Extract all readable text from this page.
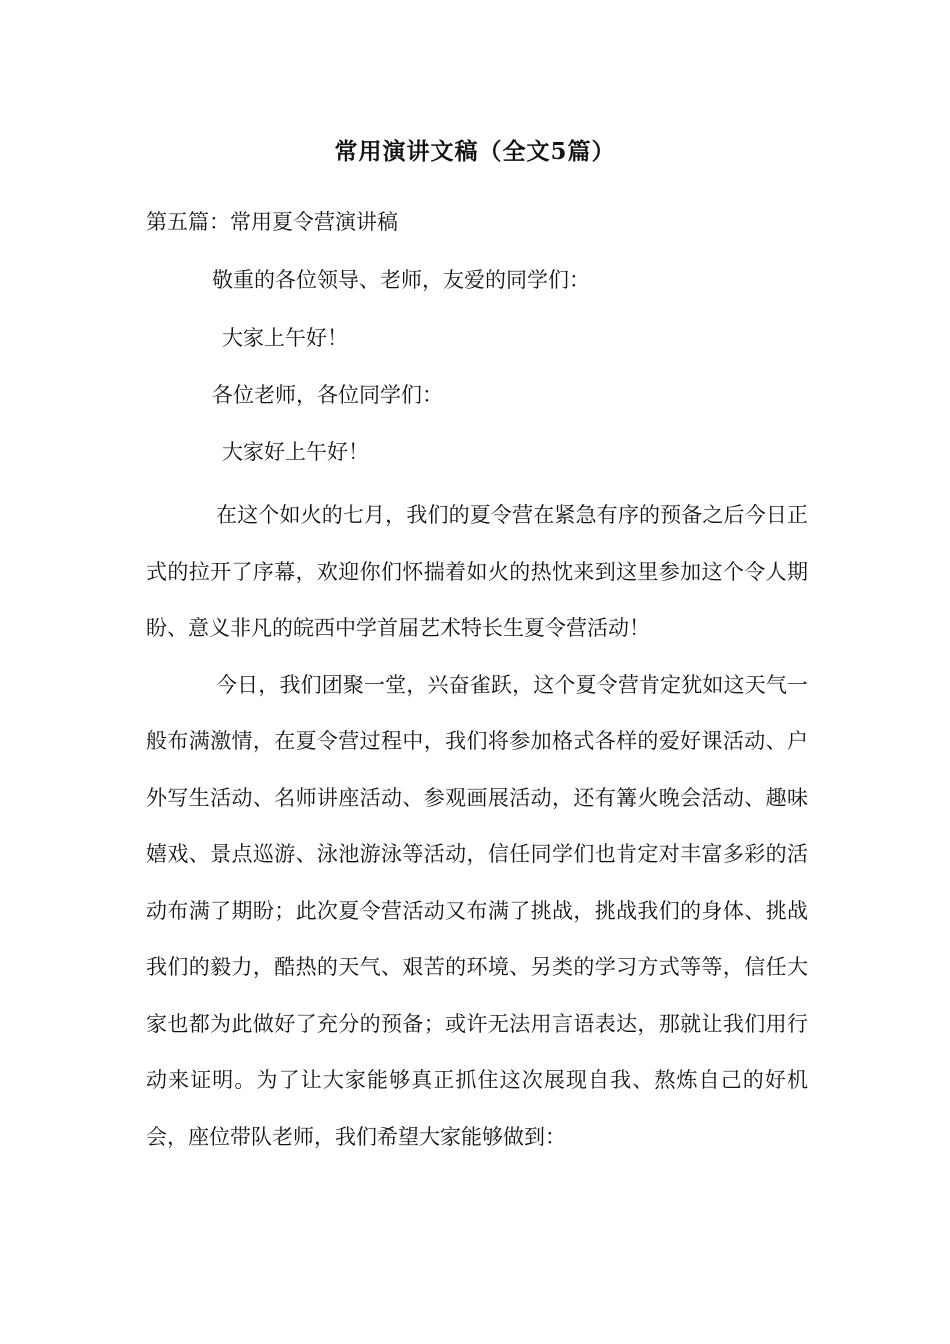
常用演讲文稿（全文5篇）
第五篇：常用夏令营演讲稿
敬重的各位领导、老师，友爱的同学们：
大家上午好！
各位老师，各位同学们：
大家好上午好！

在这个如火的七月，我们的夏令营在紧急有序的预备之后今日正式的拉开了序幕，欢迎你们怀揣着如火的热忱来到这里参加这个令人期盼、意义非凡的皖西中学首届艺术特长生夏令营活动！

今日，我们团聚一堂，兴奋雀跃，这个夏令营肯定犹如这天气一般布满激情，在夏令营过程中，我们将参加格式各样的爱好课活动、户外写生活动、名师讲座活动、参观画展活动，还有篝火晚会活动、趣味嬉戏、景点巡游、泳池游泳等活动，信任同学们也肯定对丰富多彩的活动布满了期盼；此次夏令营活动又布满了挑战，挑战我们的身体、挑战我们的毅力，酷热的天气、艰苦的环境、另类的学习方式等等，信任大家也都为此做好了充分的预备；或许无法用言语表达，那就让我们用行动来证明。为了让大家能够真正抓住这次展现自我、熬炼自己的好机会，座位带队老师，我们希望大家能够做到：
